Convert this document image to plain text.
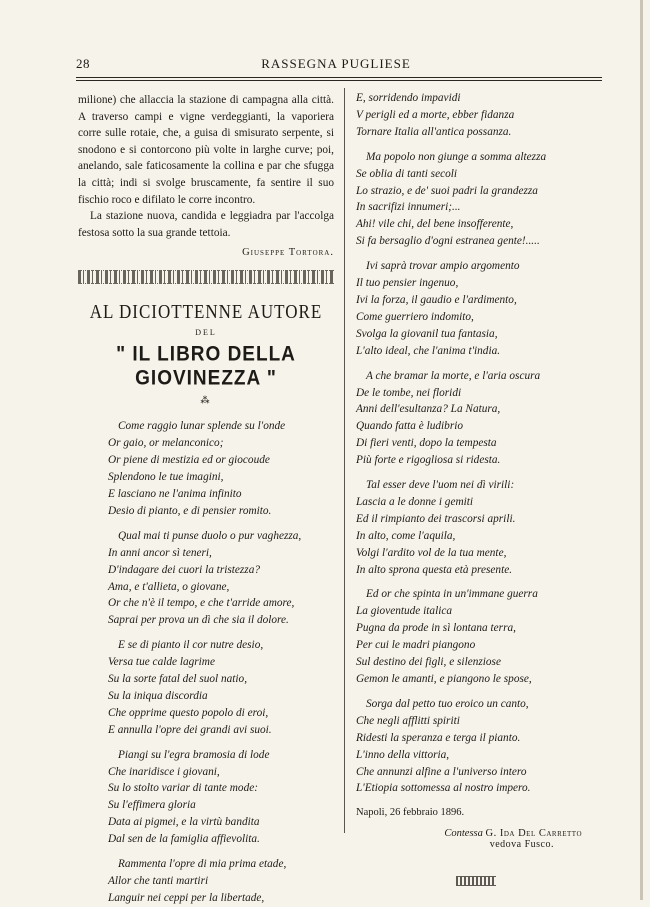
28	RASSEGNA PUGLIESE

milione) che allaccia la stazione di campagna alla città. A traverso campi e vigne verdeggianti, la vaporiera corre sulle rotaie, che, a guisa di smisurato serpente, si snodono e si contorcono più volte in larghe curve; poi, anelando, sale faticosamente la collina e par che sfugga la città; indi si svolge bruscamente, fa sentire il suo fischio roco e difilato le corre incontro.

La stazione nuova, candida e leggiadra par l'accolga festosa sotto la sua grande tettoia.

Giuseppe Tortora.
AL DICIOTTENNE AUTORE
DEL
" IL LIBRO DELLA GIOVINEZZA "
⁂
Come raggio lunar splende su l'onde
Or gaio, or melanconico;
Or piene di mestizia ed or giocoude
Splendono le tue imagini,
E lasciano ne l'anima infinito
Desio di pianto, e di pensier romito.
Qual mai ti punse duolo o pur vaghezza,
In anni ancor sì teneri,
D'indagare dei cuori la tristezza?
Ama, e t'allieta, o giovane,
Or che n'è il tempo, e che t'arride amore,
Saprai per prova un dì che sia il dolore.
E se di pianto il cor nutre desio,
Versa tue calde lagrime
Su la sorte fatal del suol natio,
Su la iniqua discordia
Che opprime questo popolo di eroi,
E annulla l'opre dei grandi avi suoi.
Piangi su l'egra bramosia di lode
Che inaridisce i giovani,
Su lo stolto variar di tante mode:
Su l'effimera gloria
Data ai pigmei, e la virtù bandita
Dal sen de la famiglia affievolita.
Rammenta l'opre di mia prima etade,
Allor che tanti martiri
Languir nei ceppi per la libertade,
E, sorridendo impavidi
V perigli ed a morte, ebber fidanza
Tornare Italia all'antica possanza.
Ma popolo non giunge a somma altezza
Se oblia di tanti secoli
Lo strazio, e de' suoi padri la grandezza
In sacrifizi innumeri;...
Ahi! vile chi, del bene insofferente,
Si fa bersaglio d'ogni estranea gente!.....
Ivi saprà trovar ampio argomento
Il tuo pensier ingenuo,
Ivi la forza, il gaudio e l'ardimento,
Come guerriero indomito,
Svolga la giovanil tua fantasia,
L'alto ideal, che l'anima t'india.
A che bramar la morte, e l'aria oscura
De le tombe, nei floridi
Anni dell'esultanza? La Natura,
Quando fatta è ludibrio
Di fieri venti, dopo la tempesta
Più forte e rigogliosa si ridesta.
Tal esser deve l'uom nei dì virili:
Lascia a le donne i gemiti
Ed il rimpianto dei trascorsi aprili.
In alto, come l'aquila,
Volgi l'ardito vol de la tua mente,
In alto sprona questa età presente.
Ed or che spinta in un'immane guerra
La gioventude italica
Pugna da prode in sì lontana terra,
Per cui le madri piangono
Sul destino dei figli, e silenziose
Gemon le amanti, e piangono le spose,
Sorga dal petto tuo eroico un canto,
Che negli afflitti spiriti
Ridesti la speranza e terga il pianto.
L'inno della vittoria,
Che annunzi alfine a l'universo intero
L'Etiopia sottomessa al nostro impero.
Napoli, 26 febbraio 1896.
Contessa G. Ida Del Carretto
vedova Fusco.
